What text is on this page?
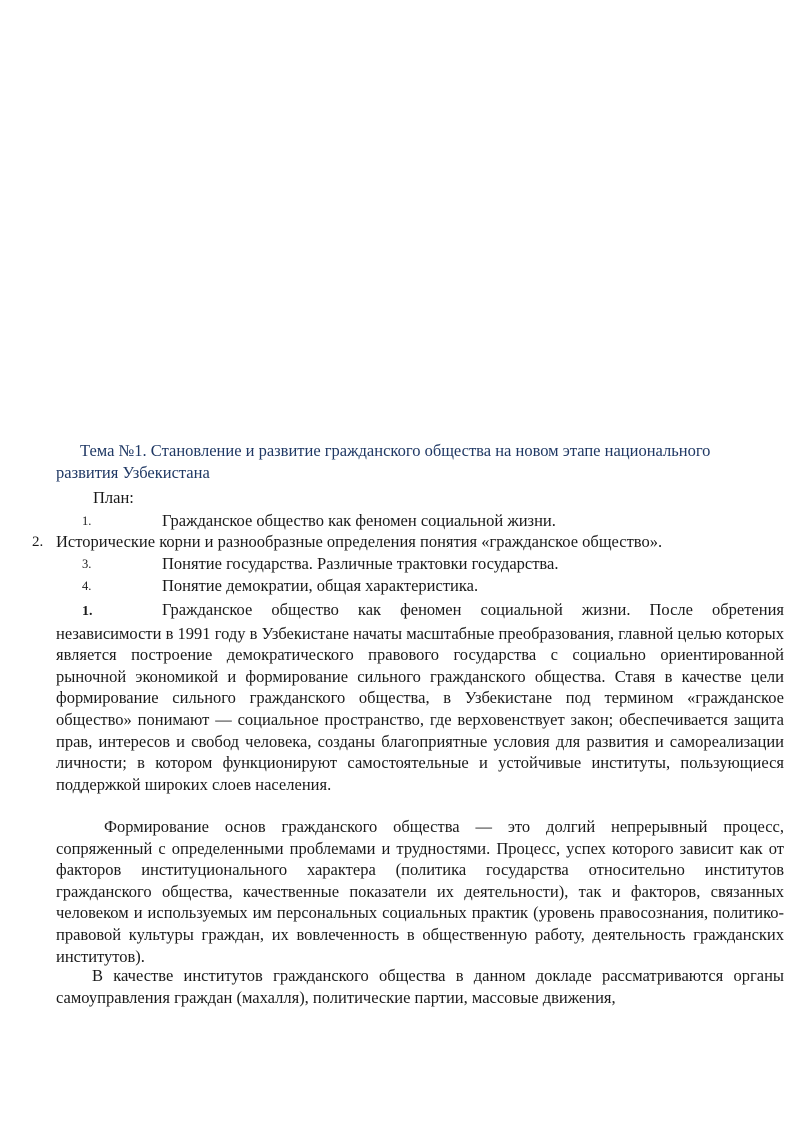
Тема №1. Становление и развитие гражданского общества на новом этапе национального развития Узбекистана
План:
1.	Гражданское общество как феномен социальной жизни.
2. Исторические корни и разнообразные определения понятия «гражданское общество».
3.	Понятие государства. Различные трактовки государства.
4.	Понятие демократии, общая характеристика.

1.	Гражданское общество как феномен социальной жизни. После обретения независимости в 1991 году в Узбекистане начаты масштабные преобразования, главной целью которых является построение демократического правового государства с социально ориентированной рыночной экономикой и формирование сильного гражданского общества. Ставя в качестве цели формирование сильного гражданского общества, в Узбекистане под термином «гражданское общество» понимают — социальное пространство, где верховенствует закон; обеспечивается защита прав, интересов и свобод человека, созданы благоприятные условия для развития и самореализации личности; в котором функционируют самостоятельные и устойчивые институты, пользующиеся поддержкой широких слоев населения.

Формирование основ гражданского общества — это долгий непрерывный процесс, сопряженный с определенными проблемами и трудностями. Процесс, успех которого зависит как от факторов институционального характера (политика государства относительно институтов гражданского общества, качественные показатели их деятельности), так и факторов, связанных человеком и используемых им персональных социальных практик (уровень правосознания, политико-правовой культуры граждан, их вовлеченность в общественную работу, деятельность гражданских институтов).

В качестве институтов гражданского общества в данном докладе рассматриваются органы самоуправления граждан (махалля), политические партии, массовые движения,
